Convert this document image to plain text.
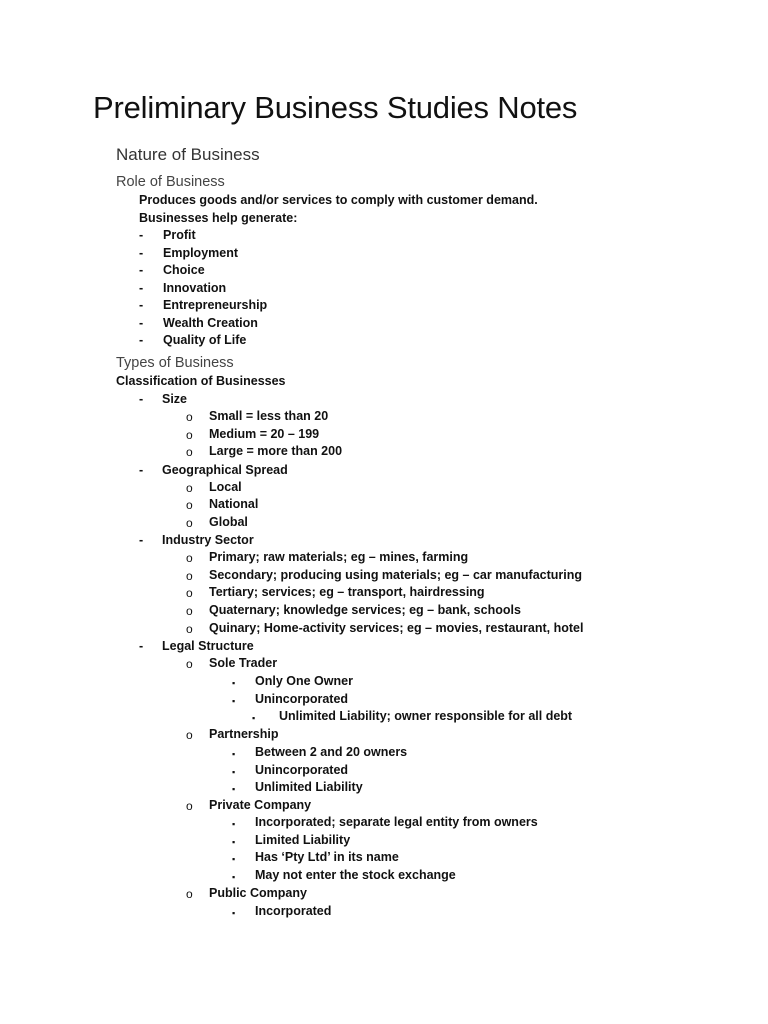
Preliminary Business Studies Notes
Nature of Business
Role of Business
Produces goods and/or services to comply with customer demand.
Businesses help generate:
- Profit
- Employment
- Choice
- Innovation
- Entrepreneurship
- Wealth Creation
- Quality of Life
Types of Business
Classification of Businesses
- Size
o Small = less than 20
o Medium = 20 – 199
o Large = more than 200
- Geographical Spread
o Local
o National
o Global
- Industry Sector
o Primary; raw materials; eg – mines, farming
o Secondary; producing using materials; eg – car manufacturing
o Tertiary; services; eg – transport, hairdressing
o Quaternary; knowledge services; eg – bank, schools
o Quinary; Home-activity services; eg – movies, restaurant, hotel
- Legal Structure
o Sole Trader
▪ Only One Owner
▪ Unincorporated
▪ Unlimited Liability; owner responsible for all debt
o Partnership
▪ Between 2 and 20 owners
▪ Unincorporated
▪ Unlimited Liability
o Private Company
▪ Incorporated; separate legal entity from owners
▪ Limited Liability
▪ Has ‘Pty Ltd’ in its name
▪ May not enter the stock exchange
o Public Company
▪ Incorporated
